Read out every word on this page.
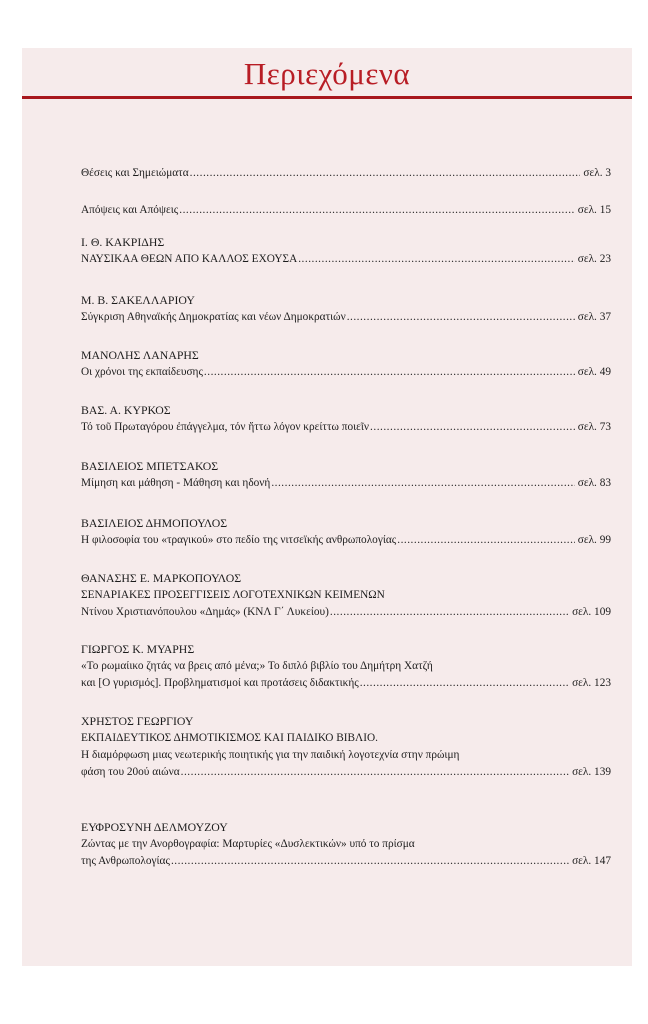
Περιεχόμενα
Θέσεις και Σημειώματα .....	σελ. 3
Απόψεις και Απόψεις .....	σελ. 15
Ι. Θ. ΚΑΚΡΙΔΗΣ
ΝΑΥΣΙΚΑΑ ΘΕΩΝ ΑΠΟ ΚΑΛΛΟΣ ΕΧΟΥΣΑ .....	σελ. 23
Μ. Β. ΣΑΚΕΛΛΑΡΙΟΥ
Σύγκριση Αθηναϊκής Δημοκρατίας και νέων Δημοκρατιών .....	σελ. 37
ΜΑΝΟΛΗΣ ΛΑΝΑΡΗΣ
Οι χρόνοι της εκπαίδευσης .....	σελ. 49
ΒΑΣ. Α. ΚΥΡΚΟΣ
Τό τοῦ Πρωταγόρου ἐπάγγελμα, τόν ἥττω λόγον κρείττω ποιεῖν .....	σελ. 73
ΒΑΣΙΛΕΙΟΣ ΜΠΕΤΣΑΚΟΣ
Μίμηση και μάθηση - Μάθηση και ηδονή .....	σελ. 83
ΒΑΣΙΛΕΙΟΣ ΔΗΜΟΠΟΥΛΟΣ
Η φιλοσοφία του «τραγικού» στο πεδίο της νιτσεϊκής ανθρωπολογίας .....	σελ. 99
ΘΑΝΑΣΗΣ Ε. ΜΑΡΚΟΠΟΥΛΟΣ
ΣΕΝΑΡΙΑΚΕΣ ΠΡΟΣΕΓΓΙΣΕΙΣ ΛΟΓΟΤΕΧΝΙΚΩΝ ΚΕΙΜΕΝΩΝ
Ντίνου Χριστιανόπουλου «Δημάς» (ΚΝΛ Γ΄ Λυκείου) .....	σελ. 109
ΓΙΩΡΓΟΣ Κ. ΜΥΑΡΗΣ
«Το ρωμαίικο ζητάς να βρεις από μένα;» Το διπλό βιβλίο του Δημήτρη Χατζή
και [Ο γυρισμός]. Προβληματισμοί και προτάσεις διδακτικής .....	σελ. 123
ΧΡΗΣΤΟΣ ΓΕΩΡΓΙΟΥ
ΕΚΠΑΙΔΕΥΤΙΚΟΣ ΔΗΜΟΤΙΚΙΣΜΟΣ ΚΑΙ ΠΑΙΔΙΚΟ ΒΙΒΛΙΟ.
Η διαμόρφωση μιας νεωτερικής ποιητικής για την παιδική λογοτεχνία στην πρώιμη
φάση του 20ού αιώνα .....	σελ. 139
ΕΥΦΡΟΣΥΝΗ ΔΕΛΜΟΥΖΟΥ
Ζώντας με την Ανορθογραφία: Μαρτυρίες «Δυσλεκτικών» υπό το πρίσμα
της Ανθρωπολογίας .....	σελ. 147
